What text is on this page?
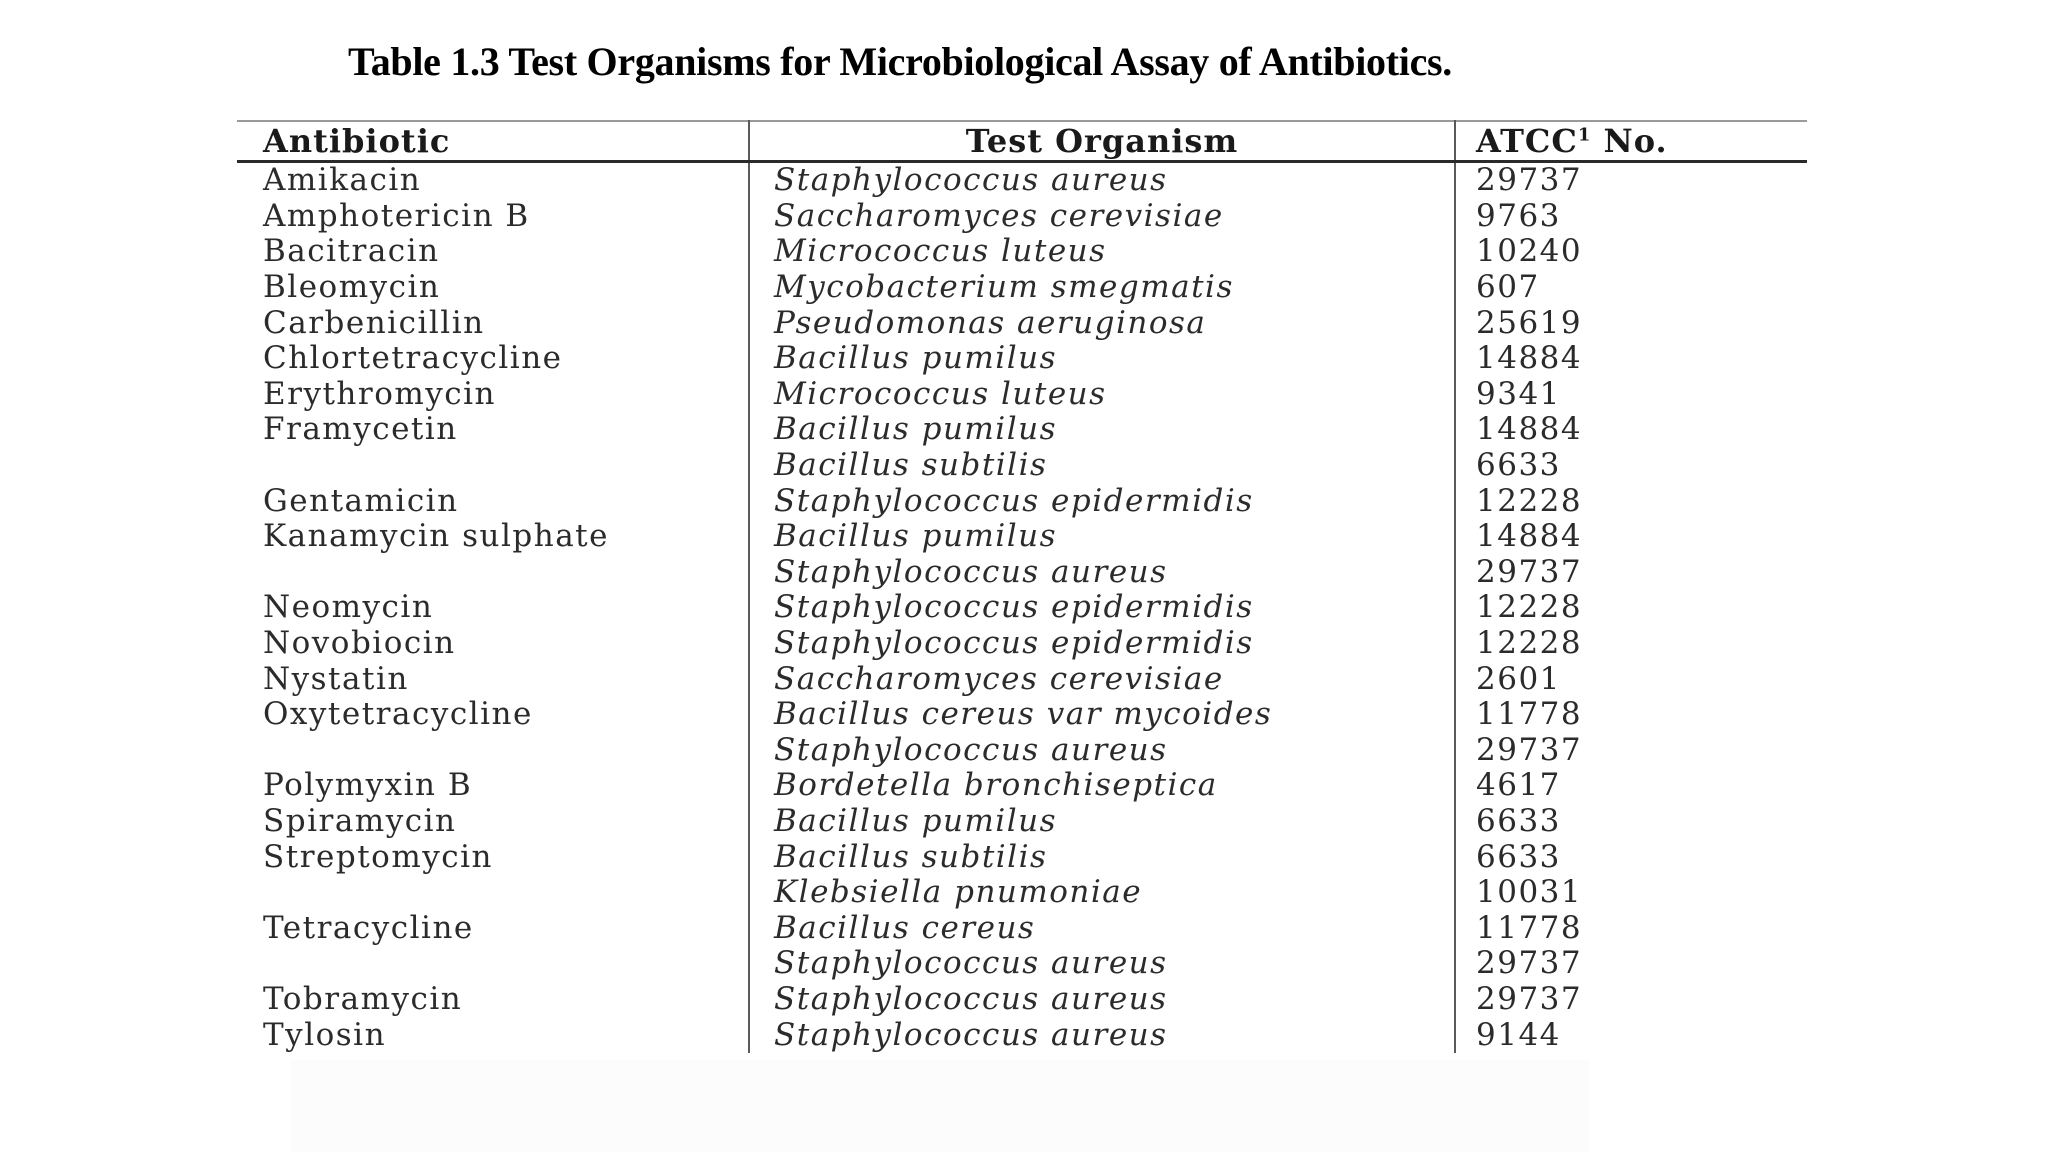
Table 1.3 Test Organisms for Microbiological Assay of Antibiotics.
Antibiotic	Test Organism	ATCC$^1$ No.
Amikacin	Staphylococcus aureus	29737
Amphotericin B	Saccharomyces cerevisiae	9763
Bacitracin	Micrococcus luteus	10240
Bleomycin	Mycobacterium smegmatis	607
Carbenicillin	Pseudomonas aeruginosa	25619
Chlortetracycline	Bacillus pumilus	14884
Erythromycin	Micrococcus luteus	9341
Framycetin	Bacillus pumilus	14884
	Bacillus subtilis	6633
Gentamicin	Staphylococcus epidermidis	12228
Kanamycin sulphate	Bacillus pumilus	14884
	Staphylococcus aureus	29737
Neomycin	Staphylococcus epidermidis	12228
Novobiocin	Staphylococcus epidermidis	12228
Nystatin	Saccharomyces cerevisiae	2601
Oxytetracycline	Bacillus cereus var mycoides	11778
	Staphylococcus aureus	29737
Polymyxin B	Bordetella bronchiseptica	4617
Spiramycin	Bacillus pumilus	6633
Streptomycin	Bacillus subtilis	6633
	Klebsiella pnumoniae	10031
Tetracycline	Bacillus cereus	11778
	Staphylococcus aureus	29737
Tobramycin	Staphylococcus aureus	29737
Tylosin	Staphylococcus aureus	9144
